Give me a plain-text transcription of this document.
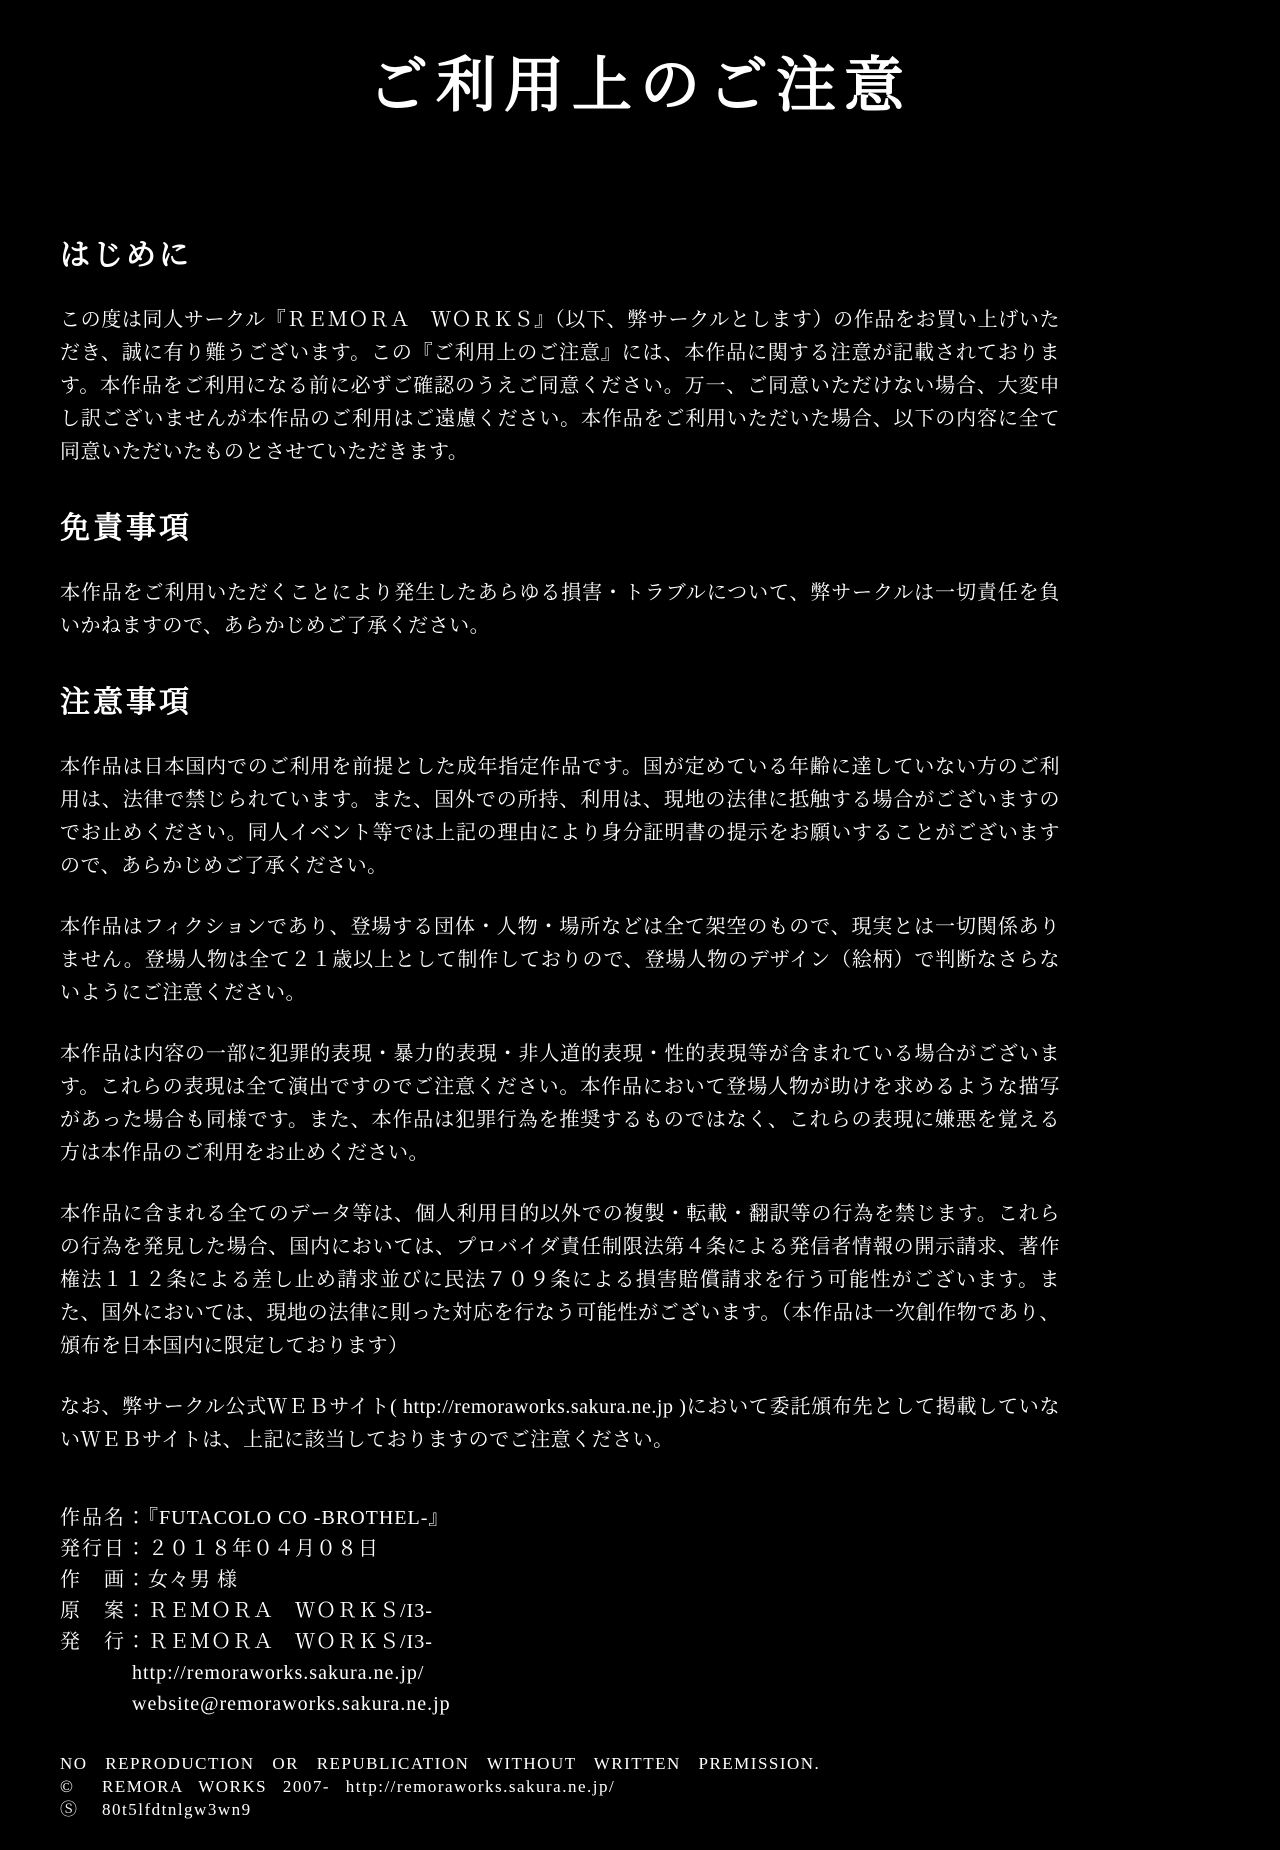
ご利用上のご注意
はじめに

この度は同人サークル『ＲＥＭＯＲＡ　ＷＯＲＫＳ』（以下、弊サークルとします）の作品をお買い上げいただき、誠に有り難うございます。この『ご利用上のご注意』には、本作品に関する注意が記載されております。本作品をご利用になる前に必ずご確認のうえご同意ください。万一、ご同意いただけない場合、大変申し訳ございませんが本作品のご利用はご遠慮ください。本作品をご利用いただいた場合、以下の内容に全て同意いただいたものとさせていただきます。

免責事項

本作品をご利用いただくことにより発生したあらゆる損害・トラブルについて、弊サークルは一切責任を負いかねますので、あらかじめご了承ください。

注意事項

本作品は日本国内でのご利用を前提とした成年指定作品です。国が定めている年齢に達していない方のご利用は、法律で禁じられています。また、国外での所持、利用は、現地の法律に抵触する場合がございますのでお止めください。同人イベント等では上記の理由により身分証明書の提示をお願いすることがございますので、あらかじめご了承ください。

本作品はフィクションであり、登場する団体・人物・場所などは全て架空のもので、現実とは一切関係ありません。登場人物は全て２１歳以上として制作しておりので、登場人物のデザイン（絵柄）で判断なさらないようにご注意ください。

本作品は内容の一部に犯罪的表現・暴力的表現・非人道的表現・性的表現等が含まれている場合がございます。これらの表現は全て演出ですのでご注意ください。本作品において登場人物が助けを求めるような描写があった場合も同様です。また、本作品は犯罪行為を推奨するものではなく、これらの表現に嫌悪を覚える方は本作品のご利用をお止めください。

本作品に含まれる全てのデータ等は、個人利用目的以外での複製・転載・翻訳等の行為を禁じます。これらの行為を発見した場合、国内においては、プロバイダ責任制限法第４条による発信者情報の開示請求、著作権法１１２条による差し止め請求並びに民法７０９条による損害賠償請求を行う可能性がございます。また、国外においては、現地の法律に則った対応を行なう可能性がございます。（本作品は一次創作物であり、頒布を日本国内に限定しております）

なお、弊サークル公式ＷＥＢサイト( http://remoraworks.sakura.ne.jp )において委託頒布先として掲載していないＷＥＢサイトは、上記に該当しておりますのでご注意ください。

作品名：『FUTACOLO CO -BROTHEL-』
発行日：２０１８年０４月０８日
作　画：女々男 様
原　案：ＲＥＭＯＲＡ　ＷＯＲＫＳ/I3-
発　行：ＲＥＭＯＲＡ　ＷＯＲＫＳ/I3-
http://remoraworks.sakura.ne.jp/
website@remoraworks.sakura.ne.jp
NO REPRODUCTION OR REPUBLICATION WITHOUT WRITTEN PREMISSION.
©	REMORA WORKS 2007- http://remoraworks.sakura.ne.jp/
Ⓢ	80t5lfdtnlgw3wn9
